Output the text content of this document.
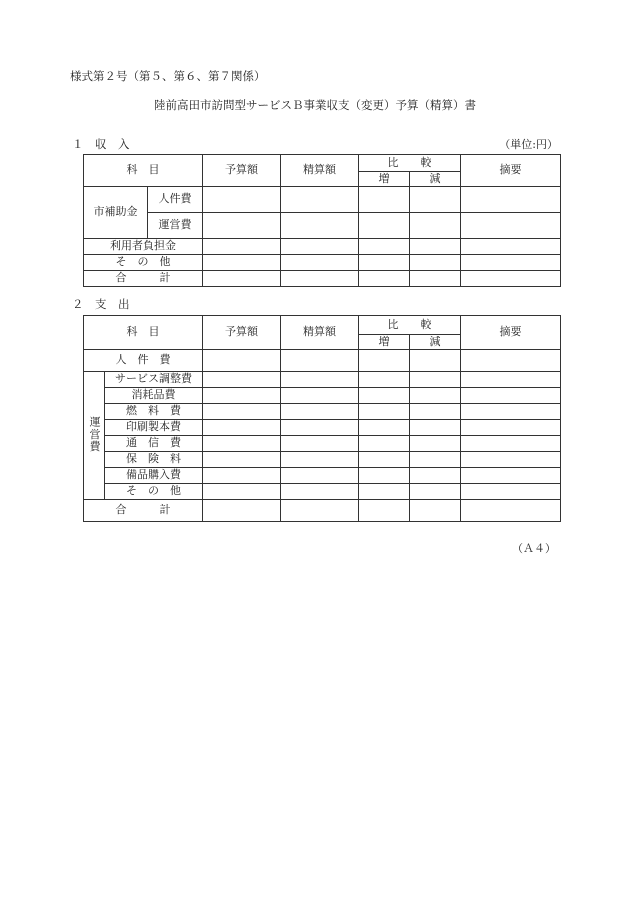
様式第２号（第５、第６、第７関係）
陸前高田市訪問型サービスＢ事業収支（変更）予算（精算）書
１　収　入	（単位:円）
科　目		予算額	精算額	比　　較		摘要
				増	減	
市補助金	人件費					
	運営費					
利用者負担金						
そ　の　他						
合　　　計						
２　支　出
科　目		予算額	精算額	比　　較		摘要
				増	減	
人　件　費						
運営費	サービス調整費					
	消耗品費					
	燃　料　費					
	印刷製本費					
	通　信　費					
	保　険　料					
	備品購入費					
	そ　の　他					
合　　　計						
（Ａ４）
